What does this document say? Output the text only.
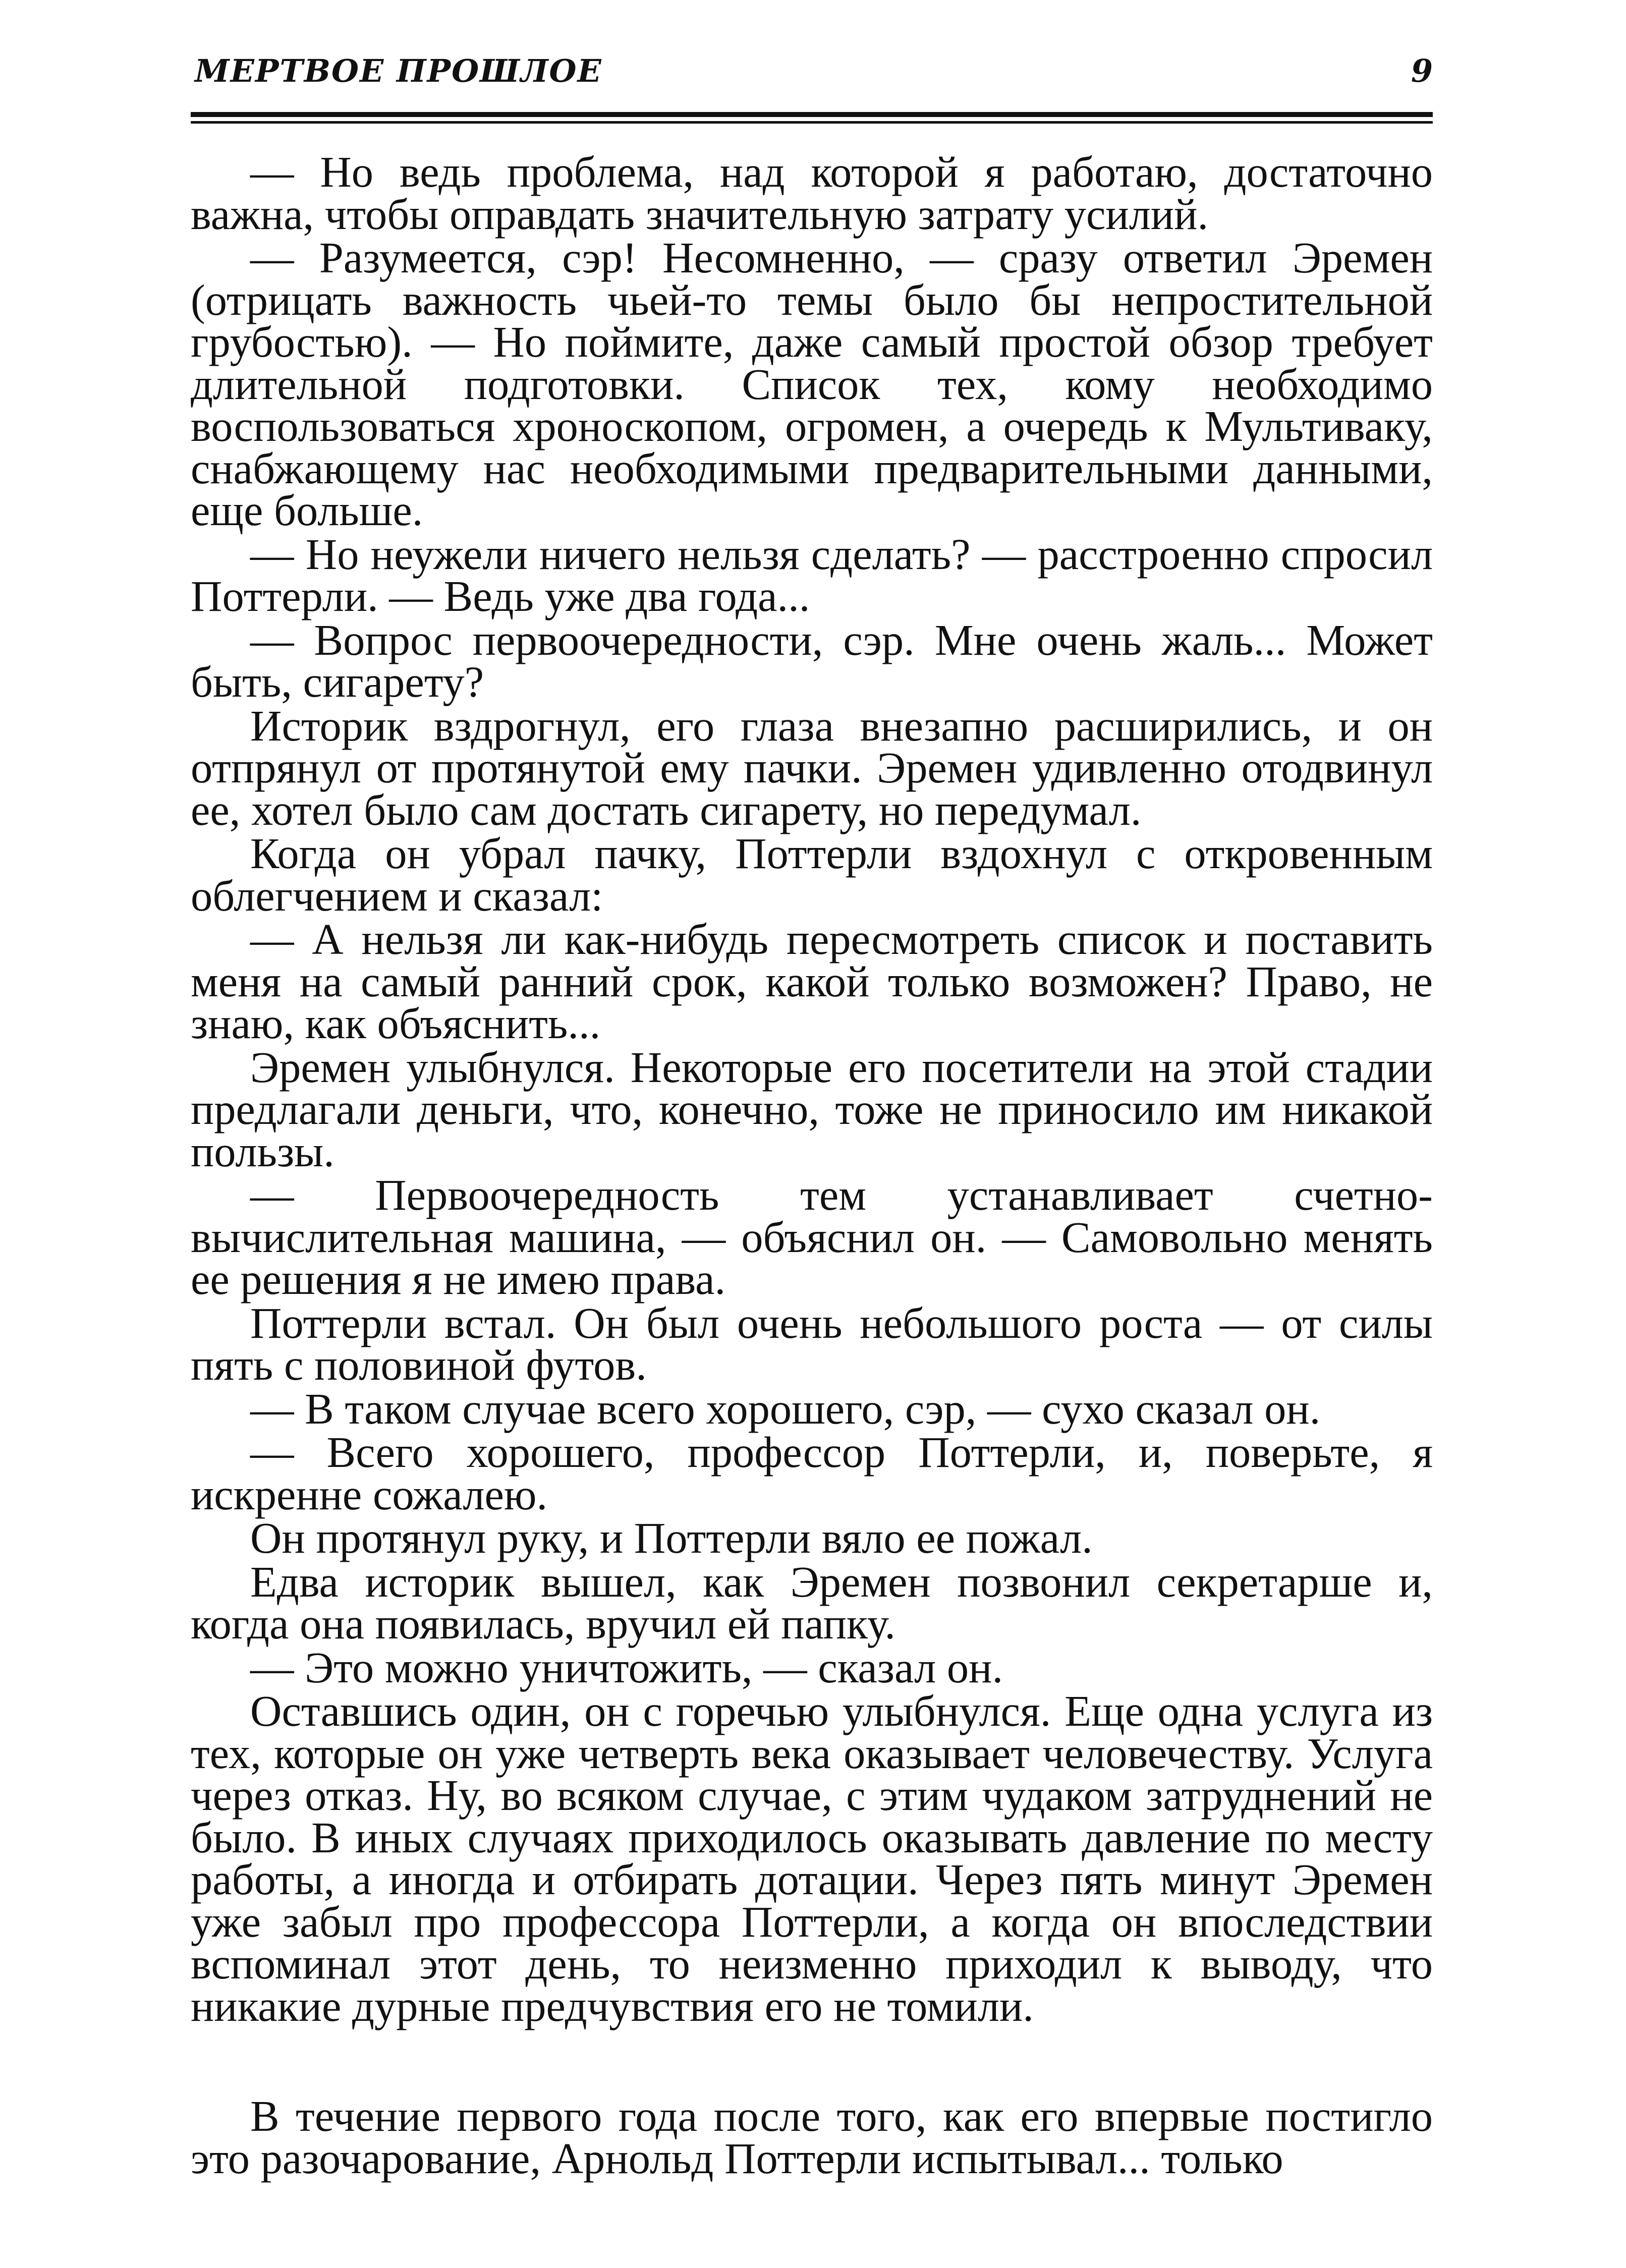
МЕРТВОЕ ПРОШЛОЕ	9

— Но ведь проблема, над которой я работаю, достаточно важна, чтобы оправдать значительную затрату усилий.

— Разумеется, сэр! Несомненно, — сразу ответил Эремен (отрицать важность чьей-то темы было бы непростительной грубостью). — Но поймите, даже самый простой обзор требует длительной подготовки. Список тех, кому необходимо воспользоваться хроноскопом, огромен, а очередь к Мультиваку, снабжающему нас необходимыми предварительными данными, еще больше.

— Но неужели ничего нельзя сделать? — расстроенно спросил Поттерли. — Ведь уже два года...

— Вопрос первоочередности, сэр. Мне очень жаль... Может быть, сигарету?

Историк вздрогнул, его глаза внезапно расширились, и он отпрянул от протянутой ему пачки. Эремен удивленно отодвинул ее, хотел было сам достать сигарету, но передумал.

Когда он убрал пачку, Поттерли вздохнул с откровенным облегчением и сказал:

— А нельзя ли как-нибудь пересмотреть список и поставить меня на самый ранний срок, какой только возможен? Право, не знаю, как объяснить...

Эремен улыбнулся. Некоторые его посетители на этой стадии предлагали деньги, что, конечно, тоже не приносило им никакой пользы.

— Первоочередность тем устанавливает счетно-вычислительная машина, — объяснил он. — Самовольно менять ее решения я не имею права.

Поттерли встал. Он был очень небольшого роста — от силы пять с половиной футов.

— В таком случае всего хорошего, сэр, — сухо сказал он.

— Всего хорошего, профессор Поттерли, и, поверьте, я искренне сожалею.

Он протянул руку, и Поттерли вяло ее пожал.

Едва историк вышел, как Эремен позвонил секретарше и, когда она появилась, вручил ей папку.

— Это можно уничтожить, — сказал он.

Оставшись один, он с горечью улыбнулся. Еще одна услуга из тех, которые он уже четверть века оказывает человечеству. Услуга через отказ. Ну, во всяком случае, с этим чудаком затруднений не было. В иных случаях приходилось оказывать давление по месту работы, а иногда и отбирать дотации. Через пять минут Эремен уже забыл про профессора Поттерли, а когда он впоследствии вспоминал этот день, то неизменно приходил к выводу, что никакие дурные предчувствия его не томили.

В течение первого года после того, как его впервые постигло это разочарование, Арнольд Поттерли испытывал... только
